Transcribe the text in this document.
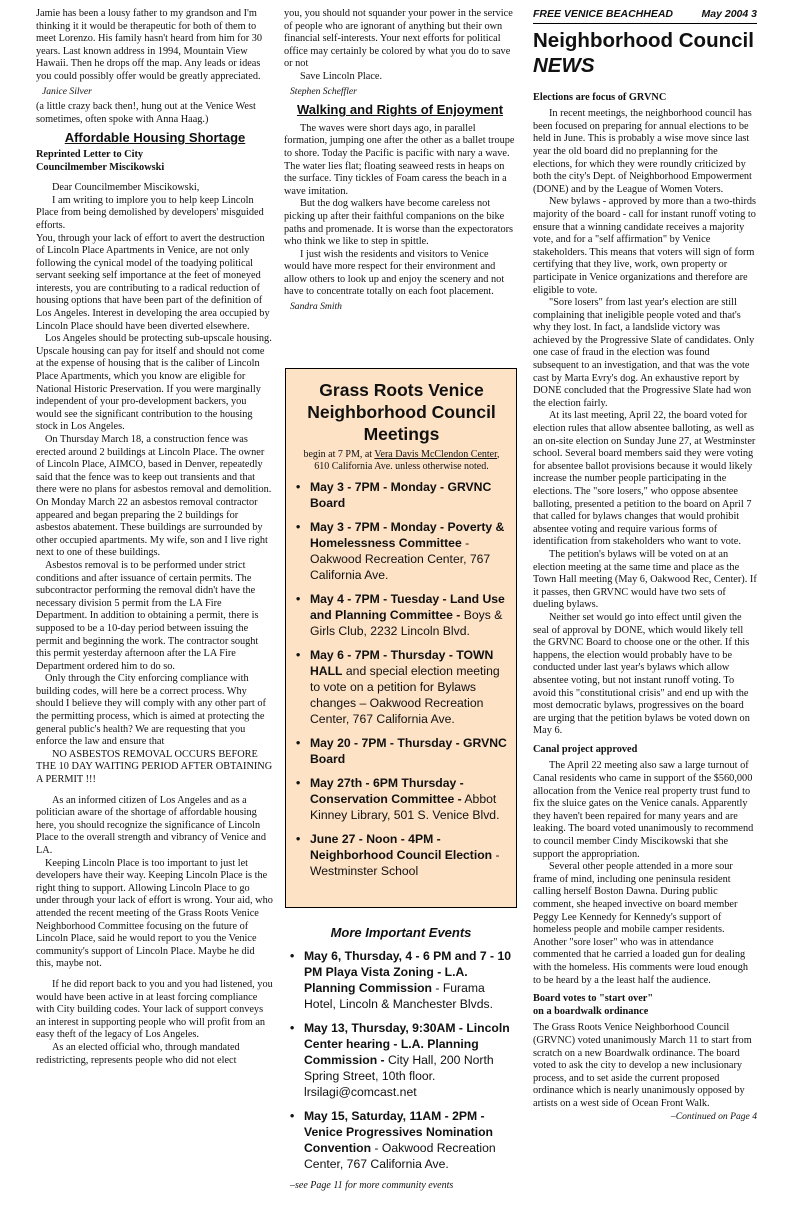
Jamie has been a lousy father to my grandson and I'm thinking it it would be therapeutic for both of them to meet Lorenzo. His family hasn't heard from him for 30 years. Last known address in 1994, Mountain View Hawaii. Then he drops off the map. Any leads or ideas you could possibly offer would be greatly appreciated.

Janice Silver

(a little crazy back then!, hung out at the Venice West sometimes, often spoke with Anna Haag.)

Affordable Housing Shortage

Reprinted Letter to City

Councilmember Miscikowski

Dear Councilmember Miscikowski,

I am writing to implore you to help keep Lincoln Place from being demolished by developers' misguided efforts.

You, through your lack of effort to avert the destruction of Lincoln Place Apartments in Venice, are not only following the cynical model of the toadying political servant seeking self importance at the feet of moneyed interests, you are contributing to a radical reduction of housing options that have been part of the definition of Los Angeles. Interest in developing the area occupied by Lincoln Place should have been diverted elsewhere.

Los Angeles should be protecting sub-upscale housing. Upscale housing can pay for itself and should not come at the expense of housing that is the caliber of Lincoln Place Apartments, which you know are eligible for National Historic Preservation. If you were marginally independent of your pro-development backers, you would see the significant contribution to the housing stock in Los Angeles.

On Thursday March 18, a construction fence was erected around 2 buildings at Lincoln Place. The owner of Lincoln Place, AIMCO, based in Denver, repeatedly said that the fence was to keep out transients and that there were no plans for asbestos removal and demolition. On Monday March 22 an asbestos removal contractor appeared and began preparing the 2 buildings for asbestos abatement. These buildings are surrounded by other occupied apartments. My wife, son and I live right next to one of these buildings.

Asbestos removal is to be performed under strict conditions and after issuance of certain permits. The subcontractor performing the removal didn't have the necessary division 5 permit from the LA Fire Department. In addition to obtaining a permit, there is supposed to be a 10-day period between issuing the permit and beginning the work. The contractor sought this permit yesterday afternoon after the LA Fire Department ordered him to do so.

Only through the City enforcing compliance with building codes, will here be a correct process. Why should I believe they will comply with any other part of the permitting process, which is aimed at protecting the general public's health? We are requesting that you enforce the law and ensure that

NO ASBESTOS REMOVAL OCCURS BEFORE THE 10 DAY WAITING PERIOD AFTER OBTAINING A PERMIT !!!

As an informed citizen of Los Angeles and as a politician aware of the shortage of affordable housing here, you should recognize the significance of Lincoln Place to the overall strength and vibrancy of Venice and LA.

Keeping Lincoln Place is too important to just let developers have their way. Keeping Lincoln Place is the right thing to support. Allowing Lincoln Place to go under through your lack of effort is wrong. Your aid, who attended the recent meeting of the Grass Roots Venice Neighborhood Committee focusing on the future of Lincoln Place, said he would report to you the Venice community's support of Lincoln Place. Maybe he did this, maybe not.

If he did report back to you and you had listened, you would have been active in at least forcing compliance with City building codes. Your lack of support conveys an interest in supporting people who will profit from an easy theft of the legacy of Los Angeles.

As an elected official who, through mandated redistricting, represents people who did not elect

you, you should not squander your power in the service of people who are ignorant of anything but their own financial self-interests. Your next efforts for political office may certainly be colored by what you do to save or not

Save Lincoln Place.

Stephen Scheffler

Walking and Rights of Enjoyment

The waves were short days ago, in parallel formation, jumping one after the other as a ballet troupe to shore. Today the Pacific is pacific with nary a wave. The water lies flat; floating seaweed rests in heaps on the surface. Tiny tickles of Foam caress the beach in a wave imitation.

But the dog walkers have become careless not picking up after their faithful companions on the bike paths and promenade. It is worse than the expectorators who think we like to step in spittle.

I just wish the residents and visitors to Venice would have more respect for their environment and allow others to look up and enjoy the scenery and not have to concentrate totally on each foot placement.

Sandra Smith

Grass Roots Venice Neighborhood Council Meetings
begin at 7 PM, at Vera Davis McClendon Center, 610 California Ave. unless otherwise noted.
• May 3 - 7PM - Monday - GRVNC Board
• May 3 - 7PM - Monday - Poverty & Homelessness Committee - Oakwood Recreation Center, 767 California Ave.
• May 4 - 7PM - Tuesday - Land Use and Planning Committee - Boys & Girls Club, 2232 Lincoln Blvd.
• May 6 - 7PM - Thursday - TOWN HALL and special election meeting to vote on a petition for Bylaws changes – Oakwood Recreation Center, 767 California Ave.
• May 20 - 7PM - Thursday - GRVNC Board
• May 27th - 6PM Thursday - Conservation Committee - Abbot Kinney Library, 501 S. Venice Blvd.
• June 27 - Noon - 4PM - Neighborhood Council Election - Westminster School
More Important Events
• May 6, Thursday, 4 - 6 PM and 7 - 10 PM Playa Vista Zoning - L.A. Planning Commission - Furama Hotel, Lincoln & Manchester Blvds.
• May 13, Thursday, 9:30AM - Lincoln Center hearing - L.A. Planning Commission - City Hall, 200 North Spring Street, 10th floor. lrsilagi@comcast.net
• May 15, Saturday, 11AM - 2PM - Venice Progressives Nomination Convention - Oakwood Recreation Center, 767 California Ave.

–see Page 11 for more community events

FREE VENICE BEACHHEAD	May 2004 3
Neighborhood Council
NEWS

Elections are focus of GRVNC

In recent meetings, the neighborhood council has been focused on preparing for annual elections to be held in June. This is probably a wise move since last year the old board did no preplanning for the elections, for which they were roundly criticized by both the city's Dept. of Neighborhood Empowerment (DONE) and by the League of Women Voters.

New bylaws - approved by more than a two-thirds majority of the board - call for instant runoff voting to ensure that a winning candidate receives a majority vote, and for a "self affirmation" by Venice stakeholders. This means that voters will sign of form certifying that they live, work, own property or participate in Venice organizations and therefore are eligible to vote.

"Sore losers" from last year's election are still complaining that ineligible people voted and that's why they lost. In fact, a landslide victory was achieved by the Progressive Slate of candidates. Only one case of fraud in the election was found subsequent to an investigation, and that was the vote cast by Marta Evry's dog. An exhaustive report by DONE concluded that the Progressive Slate had won the election fairly.

At its last meeting, April 22, the board voted for election rules that allow absentee balloting, as well as an on-site election on Sunday June 27, at Westminster school. Several board members said they were voting for absentee ballot provisions because it would likely increase the number people participating in the elections. The "sore losers," who oppose absentee balloting, presented a petition to the board on April 7 that called for bylaws changes that would prohibit absentee voting and require various forms of identification from stakeholders who want to vote.

The petition's bylaws will be voted on at an election meeting at the same time and place as the Town Hall meeting (May 6, Oakwood Rec, Center). If it passes, then GRVNC would have two sets of dueling bylaws.

Neither set would go into effect until given the seal of approval by DONE, which would likely tell the GRVNC Board to choose one or the other. If this happens, the election would probably have to be conducted under last year's bylaws which allow absentee voting, but not instant runoff voting. To avoid this "constitutional crisis" and end up with the most democratic bylaws, progressives on the board are urging that the petition bylaws be voted down on May 6.

Canal project approved

The April 22 meeting also saw a large turnout of Canal residents who came in support of the $560,000 allocation from the Venice real property trust fund to fix the sluice gates on the Venice canals. Apparently they haven't been repaired for many years and are leaking. The board voted unanimously to recommend to council member Cindy Miscikowski that she support the appropriation.

Several other people attended in a more sour frame of mind, including one peninsula resident calling herself Boston Dawna. During public comment, she heaped invective on board member Peggy Lee Kennedy for Kennedy's support of homeless people and mobile camper residents. Another "sore loser" who was in attendance commented that he carried a loaded gun for dealing with the homeless. His comments were loud enough to be heard by a the least half the audience.

Board votes to "start over"

on a boardwalk ordinance

The Grass Roots Venice Neighborhood Council (GRVNC) voted unanimously March 11 to start from scratch on a new Boardwalk ordinance. The board voted to ask the city to develop a new inclusionary process, and to set aside the current proposed ordinance which is nearly unanimously opposed by artists on a west side of Ocean Front Walk.

–Continued on Page 4
